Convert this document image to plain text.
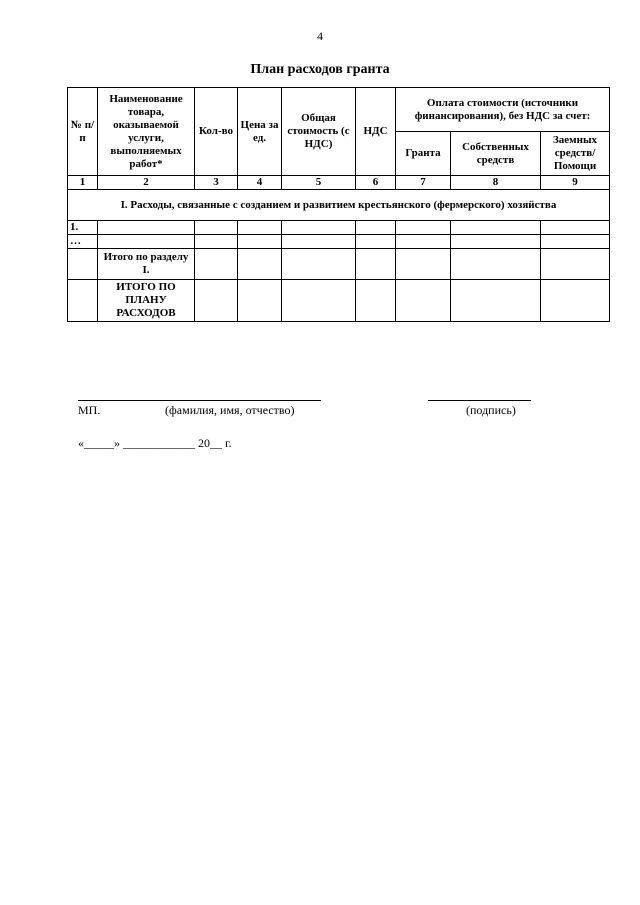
4
План расходов гранта
№ п/п	Наименование товара, оказываемой услуги, выполняемых работ*	Кол-во	Цена за ед.	Общая стоимость (с НДС)	НДС	Оплата стоимости (источники финансирования), без НДС за счет:		
						Гранта	Собственных средств	Заемных средств/ Помощи
1	2	3	4	5	6	7	8	9
I. Расходы, связанные с созданием и развитием крестьянского (фермерского) хозяйства								
1.								
…								
	Итого по разделу I.							
	ИТОГО ПО ПЛАНУ РАСХОДОВ							
МП.	(фамилия, имя, отчество)	(подпись)
«_____» ____________ 20__ г.
